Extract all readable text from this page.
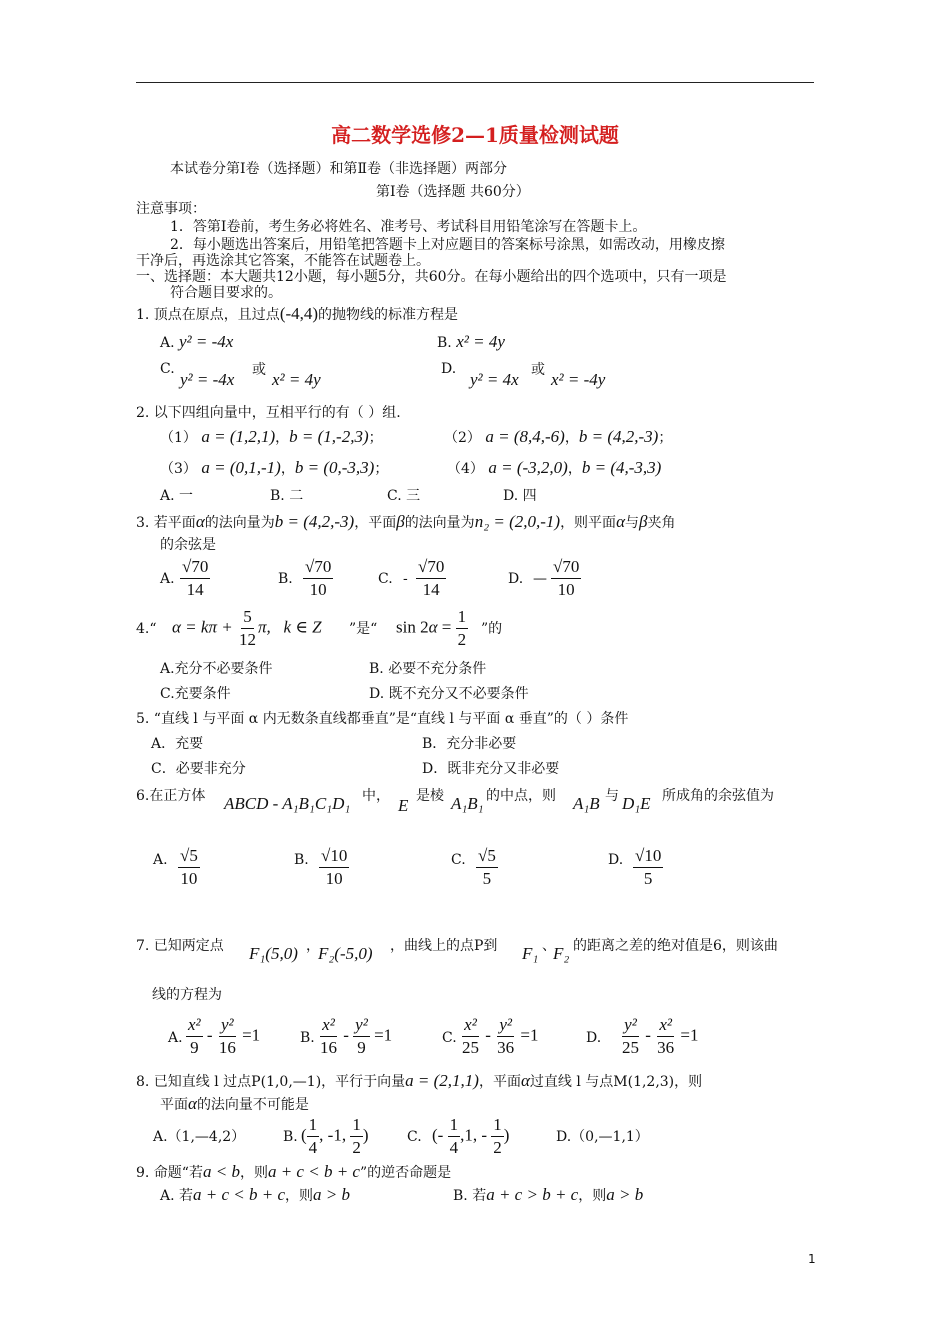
高二数学选修2—1质量检测试题
本试卷分第Ⅰ卷（选择题）和第Ⅱ卷（非选择题）两部分
第Ⅰ卷（选择题 共60分）
注意事项：
1．答第Ⅰ卷前，考生务必将姓名、准考号、考试科目用铅笔涂写在答题卡上。
2．每小题选出答案后，用铅笔把答题卡上对应题目的答案标号涂黑，如需改动，用橡皮擦
干净后，再选涂其它答案，不能答在试题卷上。
一、选择题：本大题共12小题，每小题5分，共60分。在每小题给出的四个选项中，只有一项是
符合题目要求的。
1. 顶点在原点，且过点(-4,4)的抛物线的标准方程是
A. y² = -4x	B. x² = 4y
C.
y² = -4x 或 x² = 4y
D.
y² = 4x 或 x² = -4y
2. 以下四组向量中，互相平行的有（ ）组.
（1） a = (1,2,1)，b = (1,-2,3)；	（2） a = (8,4,-6)，b = (4,2,-3)；
（3） a = (0,1,-1)，b = (0,-3,3)；	（4） a = (-3,2,0)，b = (4,-3,3)
A. 一	B. 二	C. 三	D. 四
3. 若平面α的法向量为b = (4,2,-3)，平面β的法向量为n₂ = (2,0,-1)，则平面α与β夹角
的余弦是
A. $\frac{√70}{14}$	B. $\frac{√70}{10}$	C. - $\frac{√70}{14}$	D. — $\frac{√70}{10}$
4.“ $\alpha = k\pi + \frac{5}{12} \pi$,   k ∈ Z ”是“ $\sin 2\alpha = \frac{1}{2}$ ”的
A.充分不必要条件	B. 必要不充分条件
C.充要条件	D. 既不充分又不必要条件
5. “直线 l 与平面 α 内无数条直线都垂直”是“直线 l 与平面 α 垂直”的（ ）条件
A．充要	B．充分非必要
C．必要非充分	D．既非充分又非必要
6.在正方体 ABCD - A₁B₁C₁D₁ 中， E 是棱 A₁B₁ 的中点，则 A₁B 与 D₁E 所成角的余弦值为
A. $\frac{√5}{10}$	B. $\frac{√10}{10}$	C. $\frac{√5}{5}$	D. $\frac{√10}{5}$
7. 已知两定点 F₁(5,0) ，
F₂(-5,0) ，曲线上的点P到 F₁ 、
F₂ 的距离之差的绝对值是6，则该曲
线的方程为
A. $\frac{\text{x²}}{9} - \frac{\text{y²}}{16} =1$	B. $\frac{\text{x²}}{16} - \frac{\text{y²}}{9} =1$	C. $\frac{\text{x²}}{25} - \frac{\text{y²}}{36} =1$	D. $\frac{\text{y²}}{25} - \frac{\text{x²}}{36} =1$
8. 已知直线 l 过点P(1,0,—1)，平行于向量a = (2,1,1)，平面α过直线 l 与点M(1,2,3)，则
平面α的法向量不可能是
A.（1,—4,2）	B. ( $\frac{1}{4}$ , -1, $\frac{1}{2}$ )	C. (- $\frac{1}{4} ,1$, - $\frac{1}{2}$ )	D.（0,—1,1）
9. 命题“若a < b，则a + c < b + c”的逆否命题是
A. 若a + c < b + c，则a > b	B. 若a + c > b + c，则a > b
1
